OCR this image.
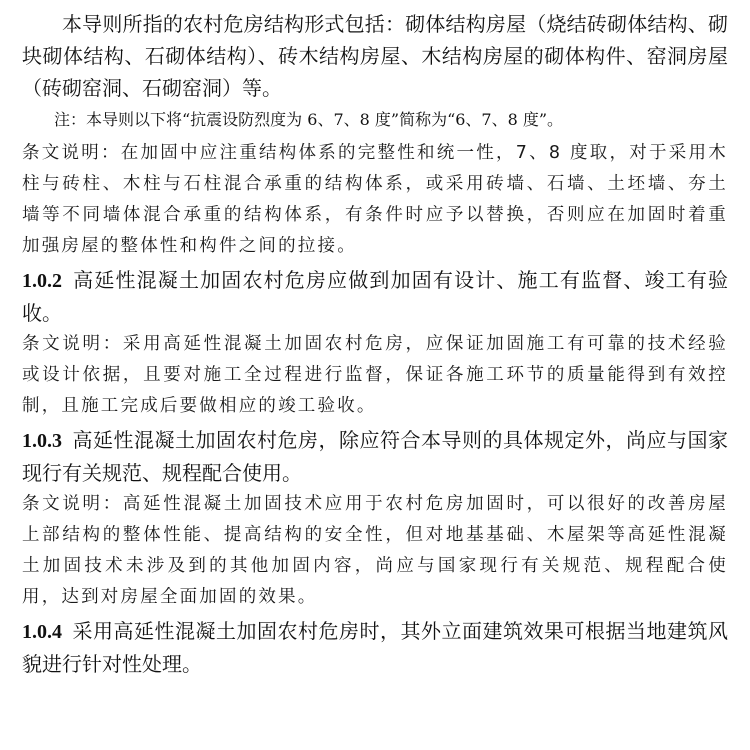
本导则所指的农村危房结构形式包括：砌体结构房屋（烧结砖砌体结构、砌块砌体结构、石砌体结构）、砖木结构房屋、木结构房屋的砌体构件、窑洞房屋（砖砌窑洞、石砌窑洞）等。

注：本导则以下将“抗震设防烈度为 6、7、8 度”简称为“6、7、8 度”。

条文说明：在加固中应注重结构体系的完整性和统一性，7、8 度取，对于采用木柱与砖柱、木柱与石柱混合承重的结构体系，或采用砖墙、石墙、土坯墙、夯土墙等不同墙体混合承重的结构体系，有条件时应予以替换，否则应在加固时着重加强房屋的整体性和构件之间的拉接。

1.0.2 高延性混凝土加固农村危房应做到加固有设计、施工有监督、竣工有验收。

条文说明：采用高延性混凝土加固农村危房，应保证加固施工有可靠的技术经验或设计依据，且要对施工全过程进行监督，保证各施工环节的质量能得到有效控制，且施工完成后要做相应的竣工验收。

1.0.3 高延性混凝土加固农村危房，除应符合本导则的具体规定外，尚应与国家现行有关规范、规程配合使用。

条文说明：高延性混凝土加固技术应用于农村危房加固时，可以很好的改善房屋上部结构的整体性能、提高结构的安全性，但对地基基础、木屋架等高延性混凝土加固技术未涉及到的其他加固内容，尚应与国家现行有关规范、规程配合使用，达到对房屋全面加固的效果。

1.0.4 采用高延性混凝土加固农村危房时，其外立面建筑效果可根据当地建筑风貌进行针对性处理。
